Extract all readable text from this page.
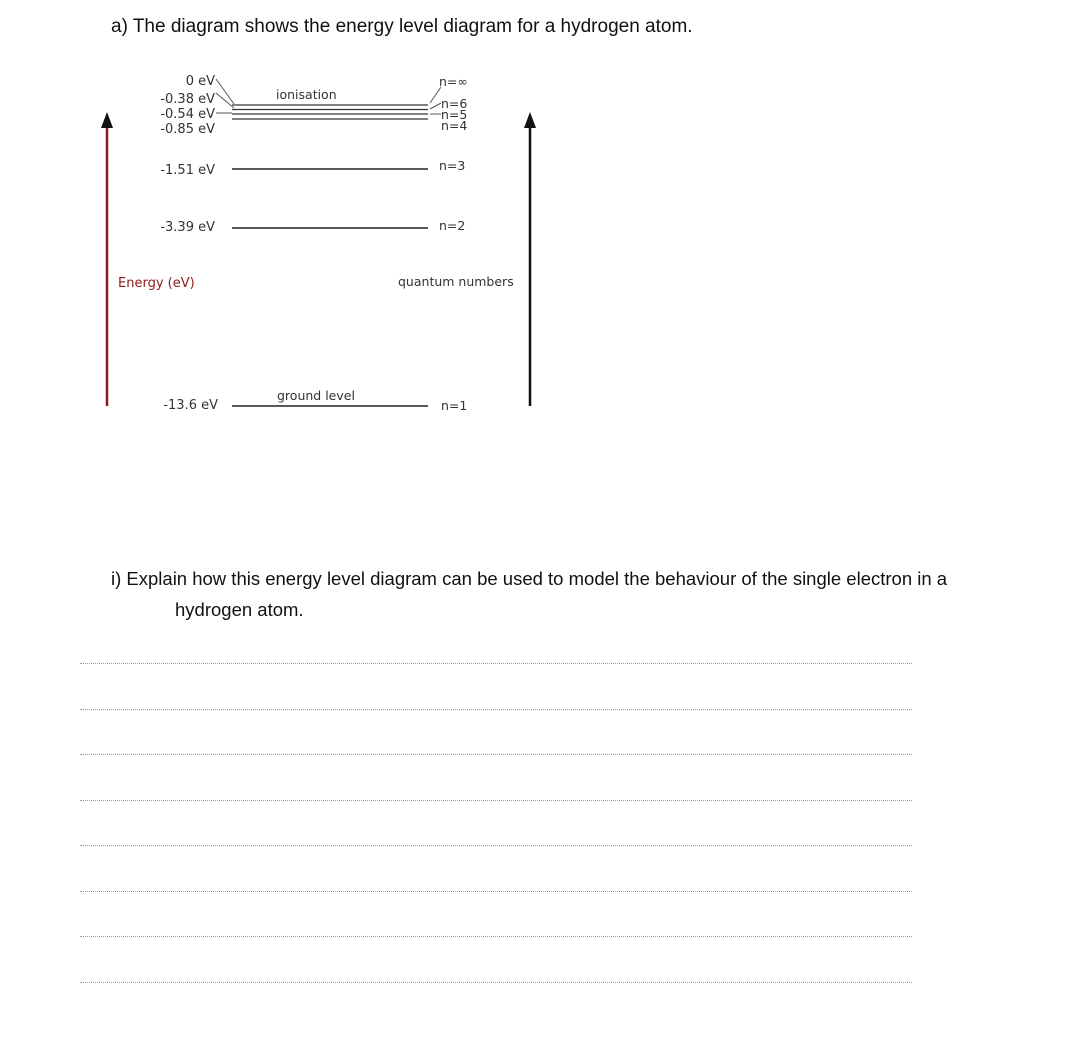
a) The diagram shows the energy level diagram for a hydrogen atom.
0 eV
-0.38 eV
-0.54 eV
-0.85 eV
-1.51 eV
-3.39 eV
-13.6 eV
n=∞
n=6
n=5
n=4
n=3
n=2
n=1
ionisation
ground level
Energy (eV)	quantum numbers
i) Explain how this energy level diagram can be used to model the behaviour of the single electron in a
hydrogen atom.
